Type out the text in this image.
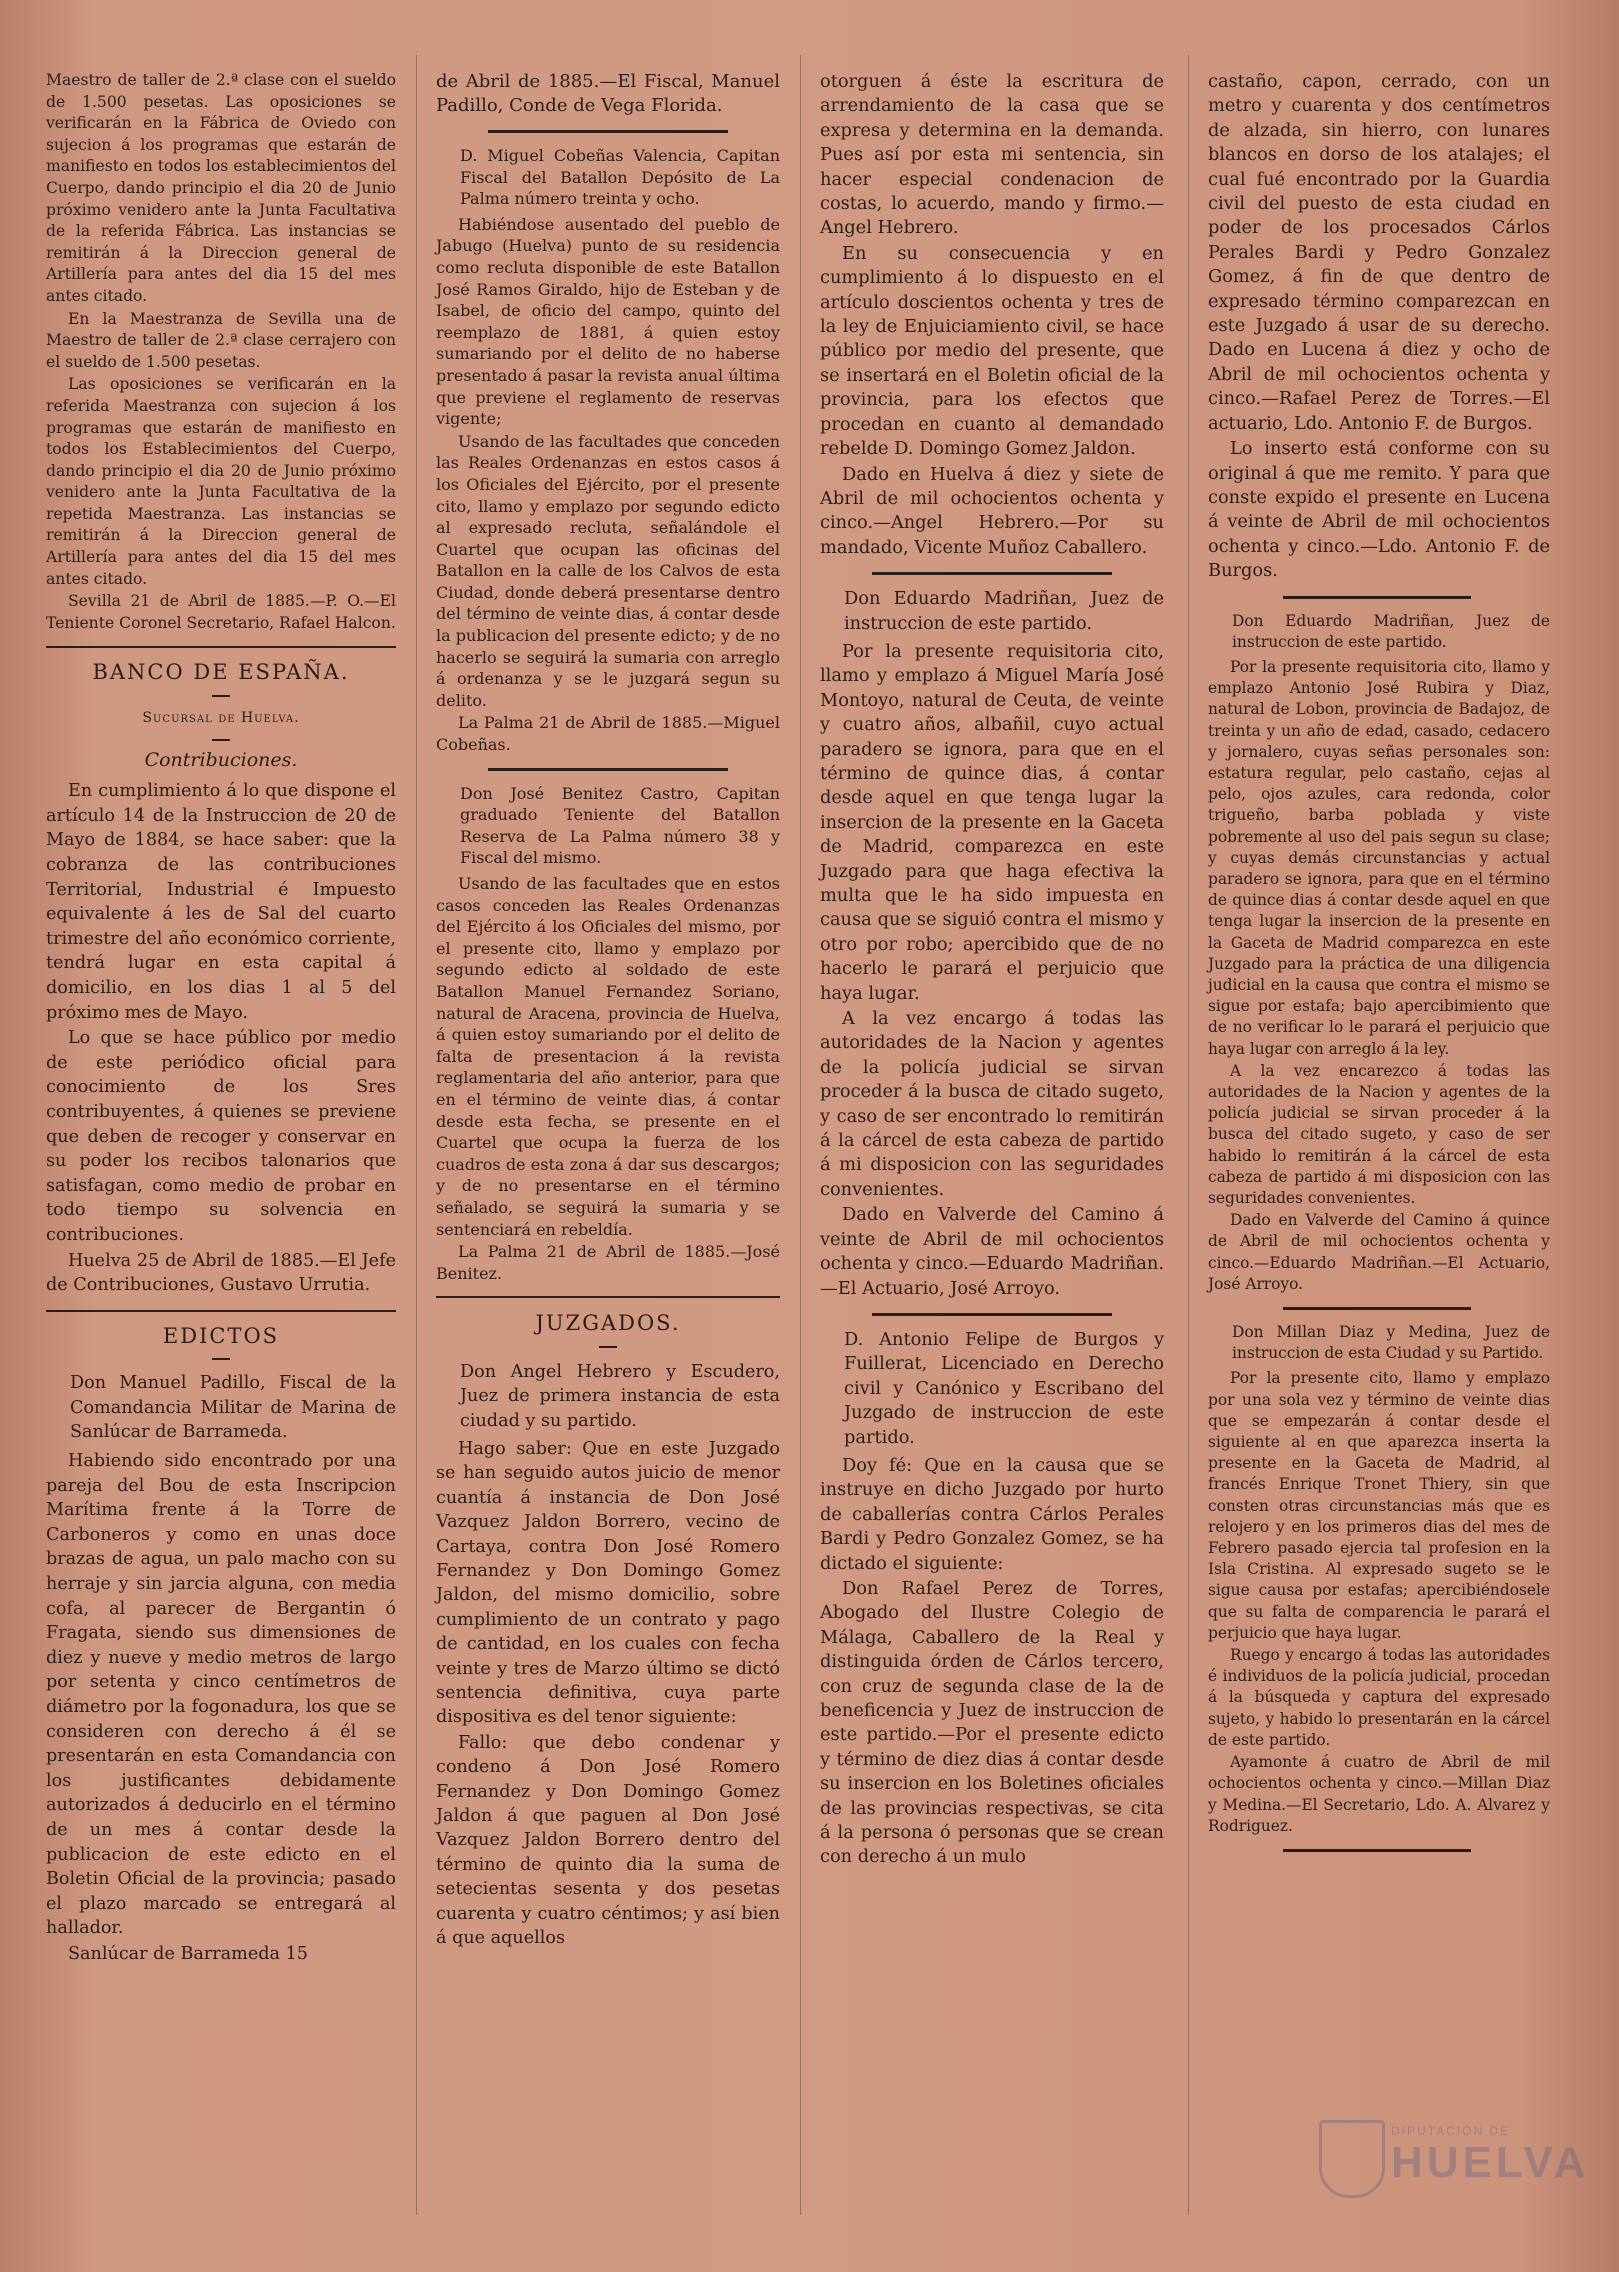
Maestro de taller de 2.ª clase con el sueldo de 1.500 pesetas. Las oposiciones se verificarán en la Fábrica de Oviedo con sujecion á los programas que estarán de manifiesto en todos los establecimientos del Cuerpo, dando principio el dia 20 de Junio próximo venidero ante la Junta Facultativa de la referida Fábrica. Las instancias se remitirán á la Direccion general de Artillería para antes del dia 15 del mes antes citado.

En la Maestranza de Sevilla una de Maestro de taller de 2.ª clase cerrajero con el sueldo de 1.500 pesetas.

Las oposiciones se verificarán en la referida Maestranza con sujecion á los programas que estarán de manifiesto en todos los Establecimientos del Cuerpo, dando principio el dia 20 de Junio próximo venidero ante la Junta Facultativa de la repetida Maestranza. Las instancias se remitirán á la Direccion general de Artillería para antes del dia 15 del mes antes citado.

Sevilla 21 de Abril de 1885.—P. O.—El Teniente Coronel Secretario, Rafael Halcon.

BANCO DE ESPAÑA.
Sucursal de Huelva.
Contribuciones.

En cumplimiento á lo que dispone el artículo 14 de la Instruccion de 20 de Mayo de 1884, se hace saber: que la cobranza de las contribuciones Territorial, Industrial é Impuesto equivalente á les de Sal del cuarto trimestre del año económico corriente, tendrá lugar en esta capital á domicilio, en los dias 1 al 5 del próximo mes de Mayo.

Lo que se hace público por medio de este periódico oficial para conocimiento de los Sres contribuyentes, á quienes se previene que deben de recoger y conservar en su poder los recibos talonarios que satisfagan, como medio de probar en todo tiempo su solvencia en contribuciones.

Huelva 25 de Abril de 1885.—El Jefe de Contribuciones, Gustavo Urrutia.

EDICTOS

Don Manuel Padillo, Fiscal de la Comandancia Militar de Marina de Sanlúcar de Barrameda.

Habiendo sido encontrado por una pareja del Bou de esta Inscripcion Marítima frente á la Torre de Carboneros y como en unas doce brazas de agua, un palo macho con su herraje y sin jarcia alguna, con media cofa, al parecer de Bergantin ó Fragata, siendo sus dimensiones de diez y nueve y medio metros de largo por setenta y cinco centímetros de diámetro por la fogonadura, los que se consideren con derecho á él se presentarán en esta Comandancia con los justificantes debidamente autorizados á deducirlo en el término de un mes á contar desde la publicacion de este edicto en el Boletin Oficial de la provincia; pasado el plazo marcado se entregará al hallador.

Sanlúcar de Barrameda 15

de Abril de 1885.—El Fiscal, Manuel Padillo, Conde de Vega Florida.

D. Miguel Cobeñas Valencia, Capitan Fiscal del Batallon Depósito de La Palma número treinta y ocho.

Habiéndose ausentado del pueblo de Jabugo (Huelva) punto de su residencia como recluta disponible de este Batallon José Ramos Giraldo, hijo de Esteban y de Isabel, de oficio del campo, quinto del reemplazo de 1881, á quien estoy sumariando por el delito de no haberse presentado á pasar la revista anual última que previene el reglamento de reservas vigente;

Usando de las facultades que conceden las Reales Ordenanzas en estos casos á los Oficiales del Ejército, por el presente cito, llamo y emplazo por segundo edicto al expresado recluta, señalándole el Cuartel que ocupan las oficinas del Batallon en la calle de los Calvos de esta Ciudad, donde deberá presentarse dentro del término de veinte dias, á contar desde la publicacion del presente edicto; y de no hacerlo se seguirá la sumaria con arreglo á ordenanza y se le juzgará segun su delito.

La Palma 21 de Abril de 1885.—Miguel Cobeñas.

Don José Benitez Castro, Capitan graduado Teniente del Batallon Reserva de La Palma número 38 y Fiscal del mismo.

Usando de las facultades que en estos casos conceden las Reales Ordenanzas del Ejército á los Oficiales del mismo, por el presente cito, llamo y emplazo por segundo edicto al soldado de este Batallon Manuel Fernandez Soriano, natural de Aracena, provincia de Huelva, á quien estoy sumariando por el delito de falta de presentacion á la revista reglamentaria del año anterior, para que en el término de veinte dias, á contar desde esta fecha, se presente en el Cuartel que ocupa la fuerza de los cuadros de esta zona á dar sus descargos; y de no presentarse en el término señalado, se seguirá la sumaria y se sentenciará en rebeldía.

La Palma 21 de Abril de 1885.—José Benitez.

JUZGADOS.

Don Angel Hebrero y Escudero, Juez de primera instancia de esta ciudad y su partido.

Hago saber: Que en este Juzgado se han seguido autos juicio de menor cuantía á instancia de Don José Vazquez Jaldon Borrero, vecino de Cartaya, contra Don José Romero Fernandez y Don Domingo Gomez Jaldon, del mismo domicilio, sobre cumplimiento de un contrato y pago de cantidad, en los cuales con fecha veinte y tres de Marzo último se dictó sentencia definitiva, cuya parte dispositiva es del tenor siguiente:

Fallo: que debo condenar y condeno á Don José Romero Fernandez y Don Domingo Gomez Jaldon á que paguen al Don José Vazquez Jaldon Borrero dentro del término de quinto dia la suma de setecientas sesenta y dos pesetas cuarenta y cuatro céntimos; y así bien á que aquellos

otorguen á éste la escritura de arrendamiento de la casa que se expresa y determina en la demanda. Pues así por esta mi sentencia, sin hacer especial condenacion de costas, lo acuerdo, mando y firmo.—Angel Hebrero.

En su consecuencia y en cumplimiento á lo dispuesto en el artículo doscientos ochenta y tres de la ley de Enjuiciamiento civil, se hace público por medio del presente, que se insertará en el Boletin oficial de la provincia, para los efectos que procedan en cuanto al demandado rebelde D. Domingo Gomez Jaldon.

Dado en Huelva á diez y siete de Abril de mil ochocientos ochenta y cinco.—Angel Hebrero.—Por su mandado, Vicente Muñoz Caballero.

Don Eduardo Madriñan, Juez de instruccion de este partido.

Por la presente requisitoria cito, llamo y emplazo á Miguel María José Montoyo, natural de Ceuta, de veinte y cuatro años, albañil, cuyo actual paradero se ignora, para que en el término de quince dias, á contar desde aquel en que tenga lugar la insercion de la presente en la Gaceta de Madrid, comparezca en este Juzgado para que haga efectiva la multa que le ha sido impuesta en causa que se siguió contra el mismo y otro por robo; apercibido que de no hacerlo le parará el perjuicio que haya lugar.

A la vez encargo á todas las autoridades de la Nacion y agentes de la policía judicial se sirvan proceder á la busca de citado sugeto, y caso de ser encontrado lo remitirán á la cárcel de esta cabeza de partido á mi disposicion con las seguridades convenientes.

Dado en Valverde del Camino á veinte de Abril de mil ochocientos ochenta y cinco.—Eduardo Madriñan.—El Actuario, José Arroyo.

D. Antonio Felipe de Burgos y Fuillerat, Licenciado en Derecho civil y Canónico y Escribano del Juzgado de instruccion de este partido.

Doy fé: Que en la causa que se instruye en dicho Juzgado por hurto de caballerías contra Cárlos Perales Bardi y Pedro Gonzalez Gomez, se ha dictado el siguiente:

Don Rafael Perez de Torres, Abogado del Ilustre Colegio de Málaga, Caballero de la Real y distinguida órden de Cárlos tercero, con cruz de segunda clase de la de beneficencia y Juez de instruccion de este partido.—Por el presente edicto y término de diez dias á contar desde su insercion en los Boletines oficiales de las provincias respectivas, se cita á la persona ó personas que se crean con derecho á un mulo

castaño, capon, cerrado, con un metro y cuarenta y dos centímetros de alzada, sin hierro, con lunares blancos en dorso de los atalajes; el cual fué encontrado por la Guardia civil del puesto de esta ciudad en poder de los procesados Cárlos Perales Bardi y Pedro Gonzalez Gomez, á fin de que dentro de expresado término comparezcan en este Juzgado á usar de su derecho. Dado en Lucena á diez y ocho de Abril de mil ochocientos ochenta y cinco.—Rafael Perez de Torres.—El actuario, Ldo. Antonio F. de Burgos.

Lo inserto está conforme con su original á que me remito. Y para que conste expido el presente en Lucena á veinte de Abril de mil ochocientos ochenta y cinco.—Ldo. Antonio F. de Burgos.

Don Eduardo Madriñan, Juez de instruccion de este partido.

Por la presente requisitoria cito, llamo y emplazo Antonio José Rubira y Diaz, natural de Lobon, provincia de Badajoz, de treinta y un año de edad, casado, cedacero y jornalero, cuyas señas personales son: estatura regular, pelo castaño, cejas al pelo, ojos azules, cara redonda, color trigueño, barba poblada y viste pobremente al uso del pais segun su clase; y cuyas demás circunstancias y actual paradero se ignora, para que en el término de quince dias á contar desde aquel en que tenga lugar la insercion de la presente en la Gaceta de Madrid comparezca en este Juzgado para la práctica de una diligencia judicial en la causa que contra el mismo se sigue por estafa; bajo apercibimiento que de no verificar lo le parará el perjuicio que haya lugar con arreglo á la ley.

A la vez encarezco á todas las autoridades de la Nacion y agentes de la policía judicial se sirvan proceder á la busca del citado sugeto, y caso de ser habido lo remitirán á la cárcel de esta cabeza de partido á mi disposicion con las seguridades convenientes.

Dado en Valverde del Camino á quince de Abril de mil ochocientos ochenta y cinco.—Eduardo Madriñan.—El Actuario, José Arroyo.

Don Millan Diaz y Medina, Juez de instruccion de esta Ciudad y su Partido.

Por la presente cito, llamo y emplazo por una sola vez y término de veinte dias que se empezarán á contar desde el siguiente al en que aparezca inserta la presente en la Gaceta de Madrid, al francés Enrique Tronet Thiery, sin que consten otras circunstancias más que es relojero y en los primeros dias del mes de Febrero pasado ejercia tal profesion en la Isla Cristina. Al expresado sugeto se le sigue causa por estafas; apercibiéndosele que su falta de comparencia le parará el perjuicio que haya lugar.

Ruego y encargo á todas las autoridades é individuos de la policía judicial, procedan á la búsqueda y captura del expresado sujeto, y habido lo presentarán en la cárcel de este partido.

Ayamonte á cuatro de Abril de mil ochocientos ochenta y cinco.—Millan Diaz y Medina.—El Secretario, Ldo. A. Alvarez y Rodriguez.

DIPUTACIÓN DE
HUELVA
